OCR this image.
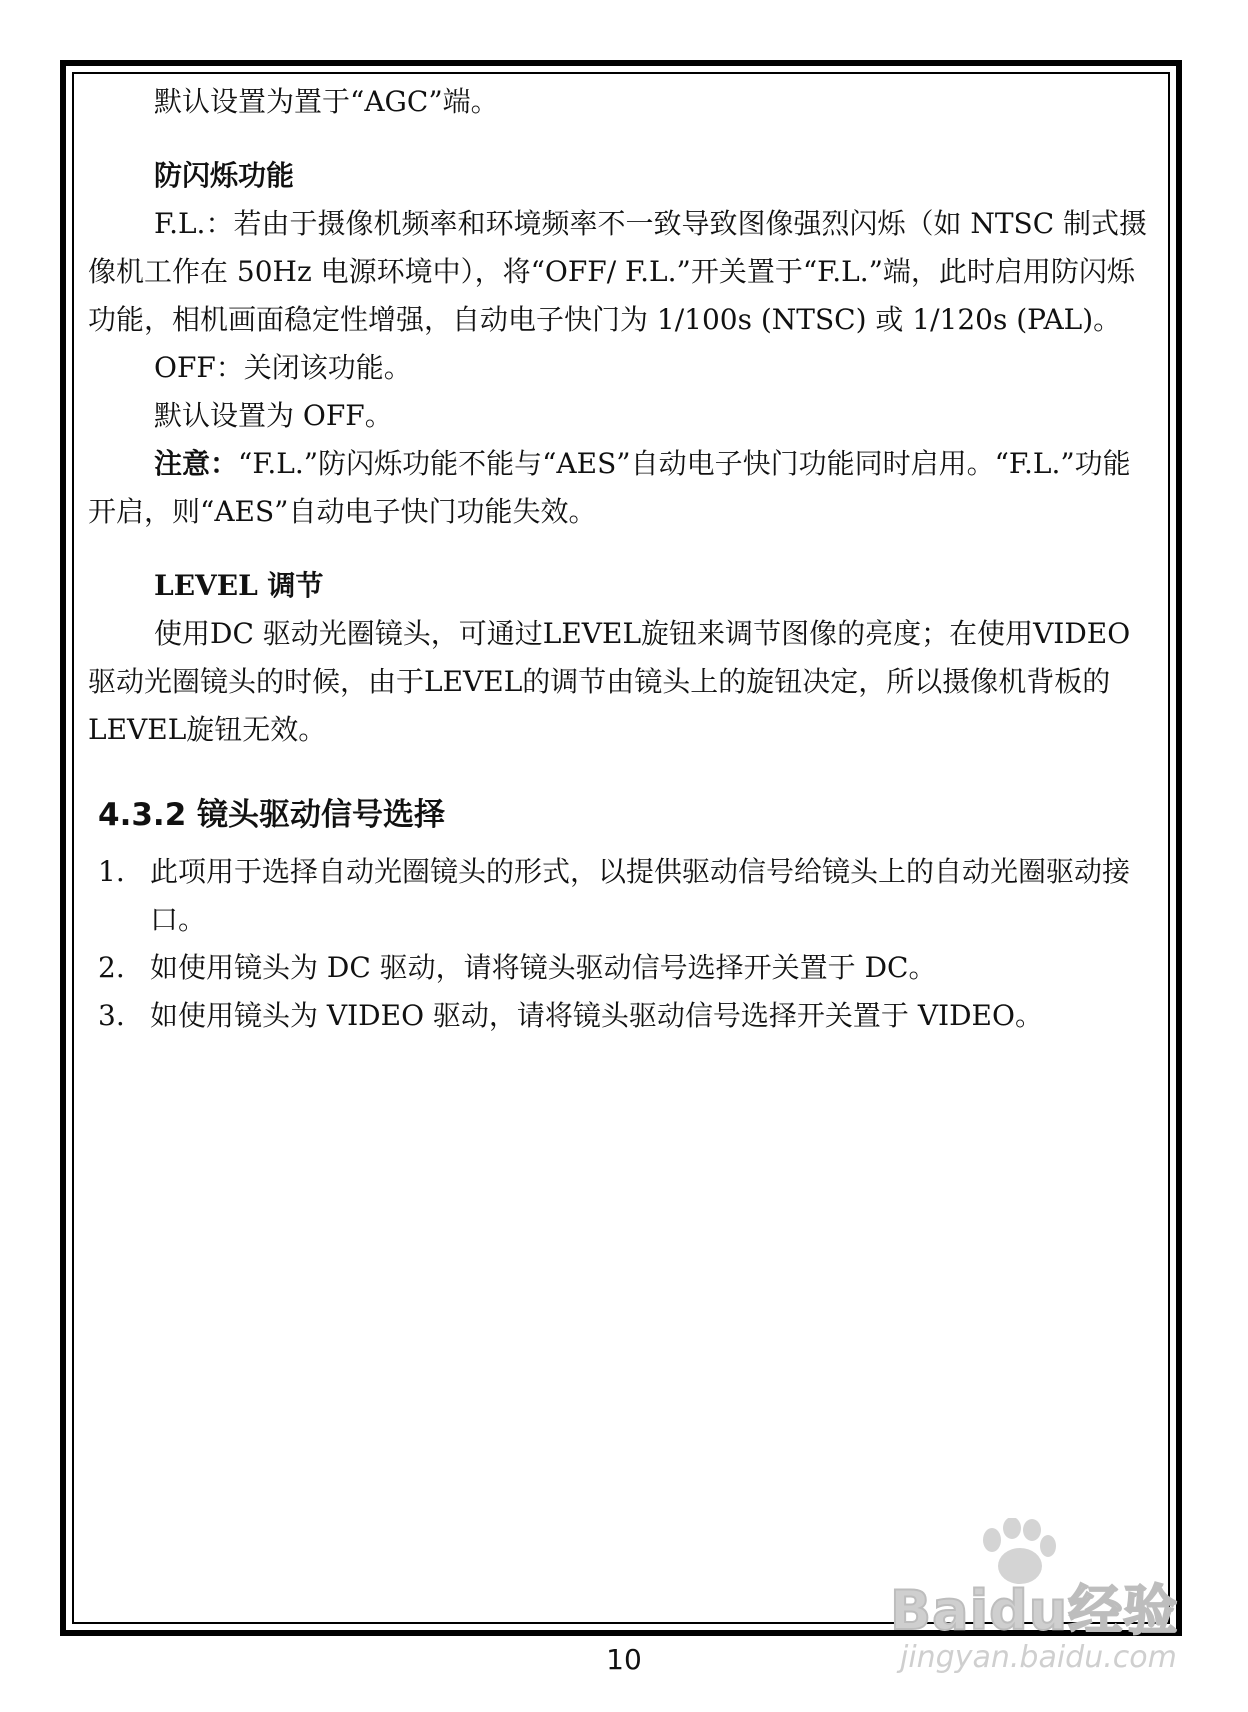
默认设置为置于“AGC”端。

防闪烁功能

F.L.：若由于摄像机频率和环境频率不一致导致图像强烈闪烁（如 NTSC 制式摄像机工作在 50Hz 电源环境中），将“OFF/ F.L.”开关置于“F.L.”端，此时启用防闪烁功能，相机画面稳定性增强，自动电子快门为 1/100s (NTSC) 或 1/120s (PAL)。

OFF：关闭该功能。

默认设置为 OFF。

注意：“F.L.”防闪烁功能不能与“AES”自动电子快门功能同时启用。“F.L.”功能开启，则“AES”自动电子快门功能失效。

LEVEL 调节

使用DC 驱动光圈镜头，可通过LEVEL旋钮来调节图像的亮度；在使用VIDEO 驱动光圈镜头的时候，由于LEVEL的调节由镜头上的旋钮决定，所以摄像机背板的LEVEL旋钮无效。

4.3.2 镜头驱动信号选择
1. 此项用于选择自动光圈镜头的形式，以提供驱动信号给镜头上的自动光圈驱动接口。
2. 如使用镜头为 DC 驱动，请将镜头驱动信号选择开关置于 DC。
3. 如使用镜头为 VIDEO 驱动，请将镜头驱动信号选择开关置于 VIDEO。
10
Baidu经验
jingyan.baidu.com
